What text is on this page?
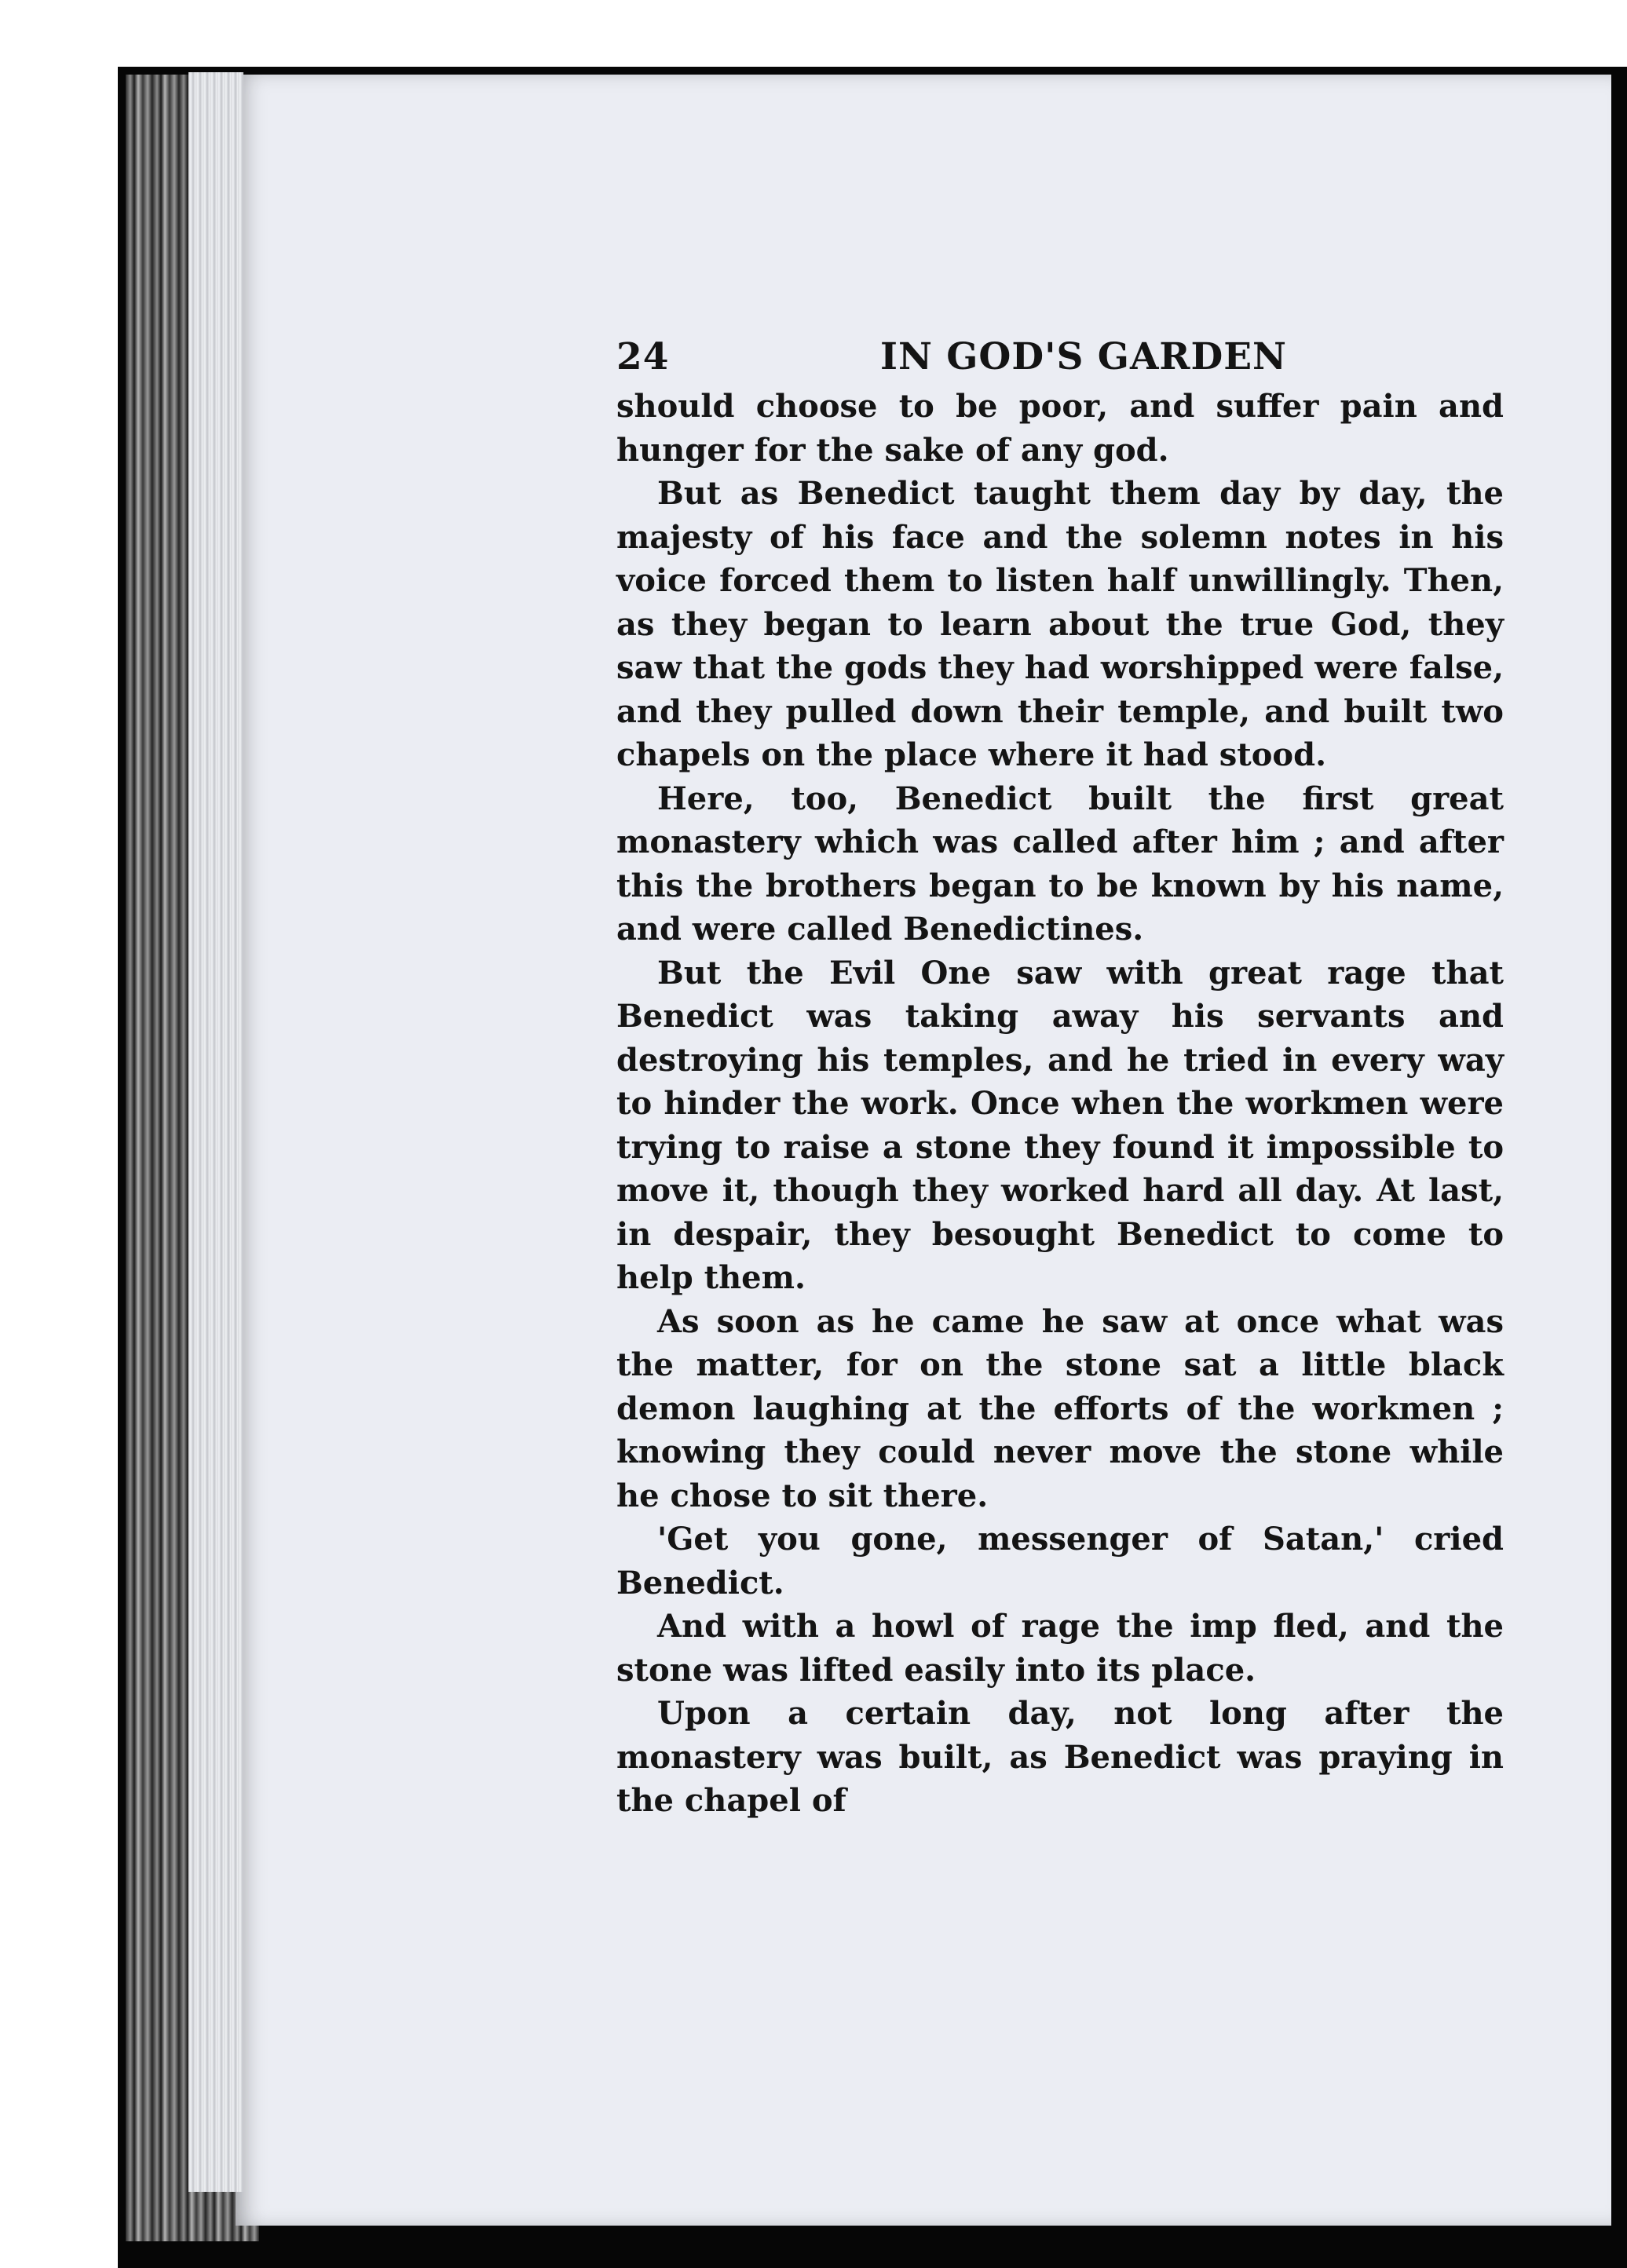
24	IN GOD'S GARDEN

should choose to be poor, and suffer pain and hunger for the sake of any god.

But as Benedict taught them day by day, the majesty of his face and the solemn notes in his voice forced them to listen half unwillingly. Then, as they began to learn about the true God, they saw that the gods they had worshipped were false, and they pulled down their temple, and built two chapels on the place where it had stood.

Here, too, Benedict built the first great monastery which was called after him ; and after this the brothers began to be known by his name, and were called Benedictines.

But the Evil One saw with great rage that Benedict was taking away his servants and destroying his temples, and he tried in every way to hinder the work. Once when the workmen were trying to raise a stone they found it impossible to move it, though they worked hard all day. At last, in despair, they besought Benedict to come to help them.

As soon as he came he saw at once what was the matter, for on the stone sat a little black demon laughing at the efforts of the workmen ; knowing they could never move the stone while he chose to sit there.

'Get you gone, messenger of Satan,' cried Benedict.

And with a howl of rage the imp fled, and the stone was lifted easily into its place.

Upon a certain day, not long after the monastery was built, as Benedict was praying in the chapel of
